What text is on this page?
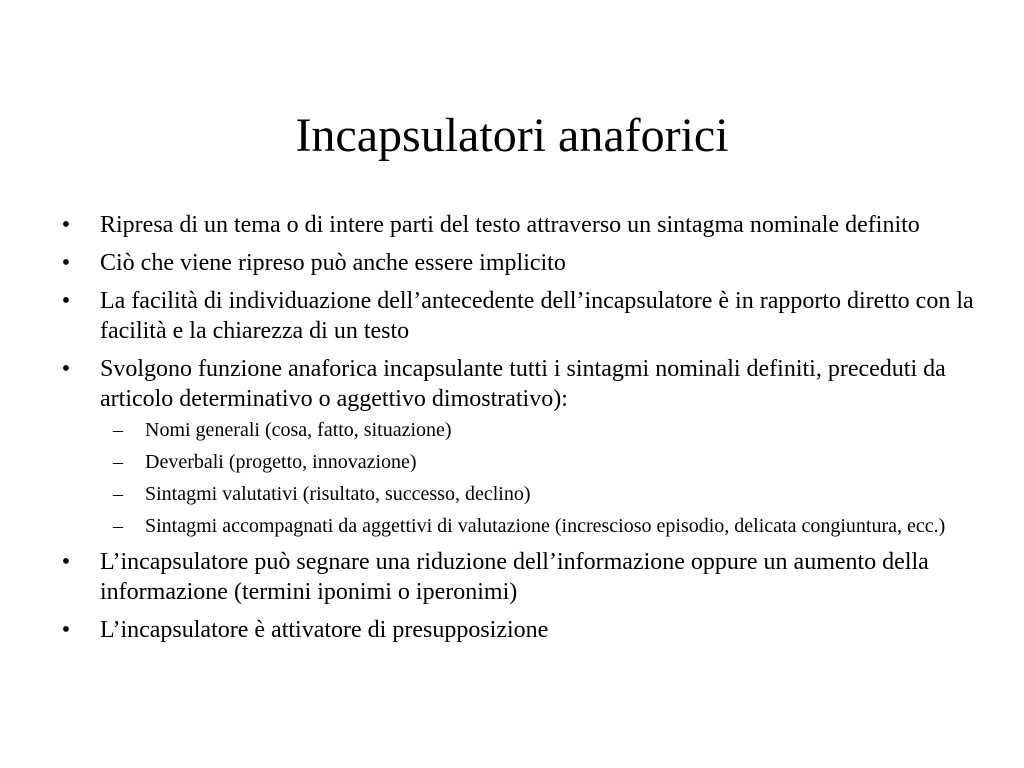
Incapsulatori anaforici
• Ripresa di un tema o di intere parti del testo attraverso un sintagma nominale definito
• Ciò che viene ripreso può anche essere implicito
• La facilità di individuazione dell’antecedente dell’incapsulatore è in rapporto diretto con la facilità e la chiarezza di un testo
• Svolgono funzione anaforica incapsulante tutti i sintagmi nominali definiti, preceduti da articolo determinativo o aggettivo dimostrativo):
– Nomi generali (cosa, fatto, situazione)
– Deverbali (progetto, innovazione)
– Sintagmi valutativi (risultato, successo, declino)
– Sintagmi accompagnati da aggettivi di valutazione (increscioso episodio, delicata congiuntura, ecc.)
• L’incapsulatore può segnare una riduzione dell’informazione oppure un aumento della informazione (termini iponimi o iperonimi)
• L’incapsulatore è attivatore di presupposizione
